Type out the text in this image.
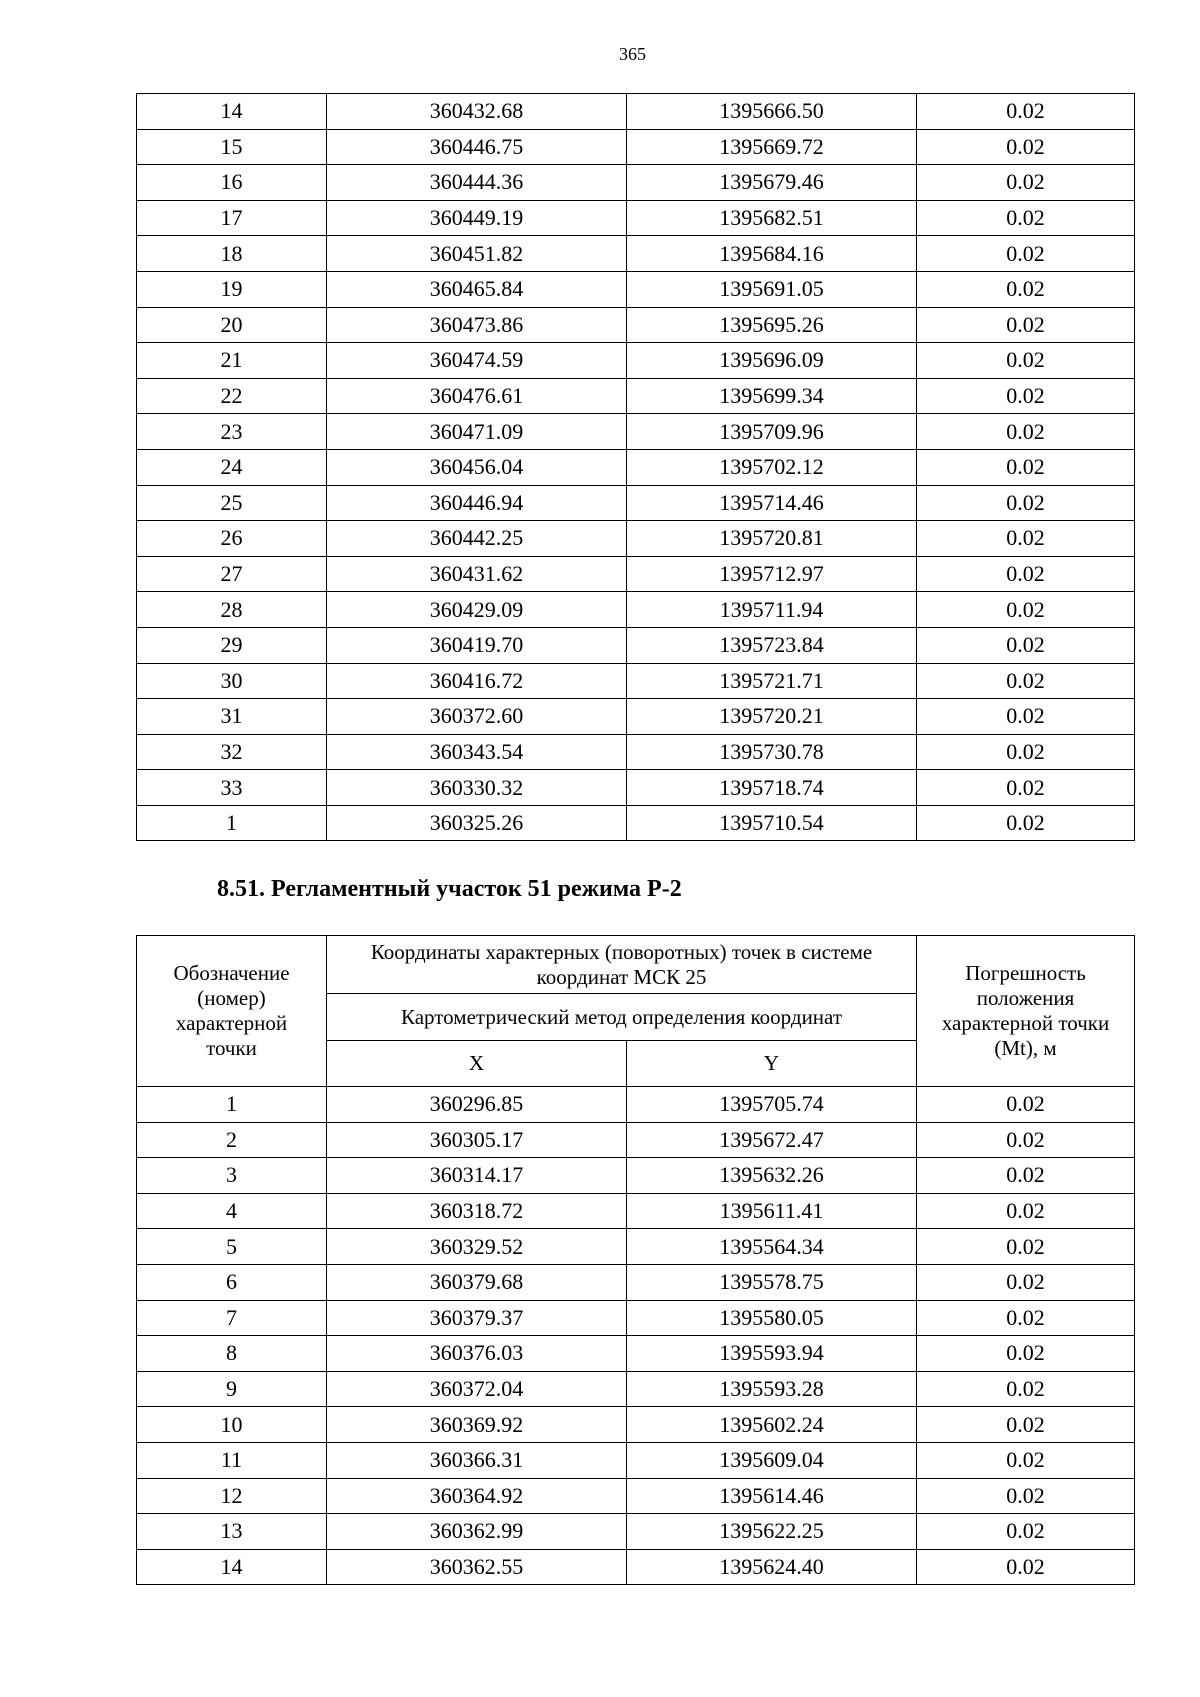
365
14	360432.68	1395666.50	0.02
15	360446.75	1395669.72	0.02
16	360444.36	1395679.46	0.02
17	360449.19	1395682.51	0.02
18	360451.82	1395684.16	0.02
19	360465.84	1395691.05	0.02
20	360473.86	1395695.26	0.02
21	360474.59	1395696.09	0.02
22	360476.61	1395699.34	0.02
23	360471.09	1395709.96	0.02
24	360456.04	1395702.12	0.02
25	360446.94	1395714.46	0.02
26	360442.25	1395720.81	0.02
27	360431.62	1395712.97	0.02
28	360429.09	1395711.94	0.02
29	360419.70	1395723.84	0.02
30	360416.72	1395721.71	0.02
31	360372.60	1395720.21	0.02
32	360343.54	1395730.78	0.02
33	360330.32	1395718.74	0.02
1	360325.26	1395710.54	0.02
8.51. Регламентный участок 51 режима Р-2
Обозначение (номер) характерной точки	Координаты характерных (поворотных) точек в системе координат МСК 25		Погрешность положения характерной точки (Mt), м
	Картометрический метод определения координат		
	X	Y	
1	360296.85	1395705.74	0.02
2	360305.17	1395672.47	0.02
3	360314.17	1395632.26	0.02
4	360318.72	1395611.41	0.02
5	360329.52	1395564.34	0.02
6	360379.68	1395578.75	0.02
7	360379.37	1395580.05	0.02
8	360376.03	1395593.94	0.02
9	360372.04	1395593.28	0.02
10	360369.92	1395602.24	0.02
11	360366.31	1395609.04	0.02
12	360364.92	1395614.46	0.02
13	360362.99	1395622.25	0.02
14	360362.55	1395624.40	0.02
